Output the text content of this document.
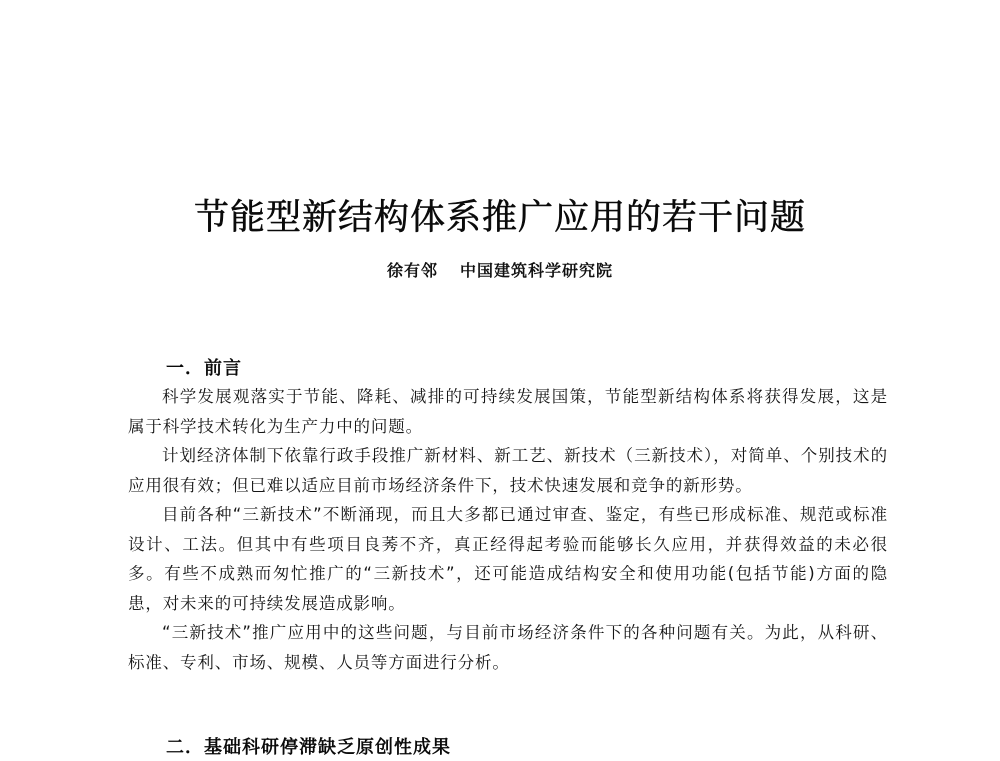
节能型新结构体系推广应用的若干问题
徐有邻 中国建筑科学研究院
一．前言

科学发展观落实于节能、降耗、减排的可持续发展国策，节能型新结构体系将获得发展，这是属于科学技术转化为生产力中的问题。

计划经济体制下依靠行政手段推广新材料、新工艺、新技术（三新技术），对简单、个别技术的应用很有效；但已难以适应目前市场经济条件下，技术快速发展和竞争的新形势。

目前各种“三新技术”不断涌现，而且大多都已通过审查、鉴定，有些已形成标准、规范或标准设计、工法。但其中有些项目良莠不齐，真正经得起考验而能够长久应用，并获得效益的未必很多。有些不成熟而匆忙推广的“三新技术”，还可能造成结构安全和使用功能(包括节能)方面的隐患，对未来的可持续发展造成影响。

“三新技术”推广应用中的这些问题，与目前市场经济条件下的各种问题有关。为此，从科研、标准、专利、市场、规模、人员等方面进行分析。

二．基础科研停滞缺乏原创性成果
